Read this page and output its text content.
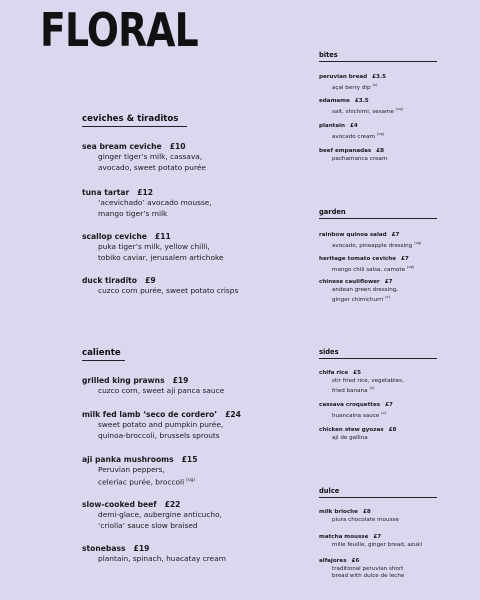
FLORAL
ceviches & tiraditos
sea bream ceviche £10
ginger tiger’s milk, cassava,
avocado, sweet potato purée
tuna tartar £12
‘acevichado’ avocado mousse,
mango tiger’s milk
scallop ceviche £11
puka tiger’s milk, yellow chilli,
tobiko caviar, jerusalem artichoke
duck tiradito £9
cuzco corn purée, sweet potato crisps
caliente
grilled king prawns £19
cuzco corn, sweet aji panca sauce
milk fed lamb ‘seco de cordero’ £24
sweet potato and pumpkin purée,
quinoa-broccoli, brussels sprouts
aji panka mushrooms £15
Peruvian peppers,
celeriac purée, broccoli $^{(vg)}$
slow-cooked beef £22
demi-glace, aubergine anticucho,
‘criolla’ sauce slow braised
stonebass £19
plantain, spinach, huacatay cream
bites
peruvian bread £3.5
açai berry dip $^{(v)}$
edamame £3.5
salt, shichimi, sesame $^{(vg)}$
plantain £4
avocado cream $^{(vg)}$
beef empanadas £8
pachamanca cream
garden
rainbow quinoa salad £7
avocado, pineapple dressing $^{(vg)}$
heritage tomato ceviche £7
mango chili salsa, camote $^{(vg)}$
chinese cauliflower £7
andean green dressing,
ginger chimichurri $^{(v)}$
sides
chifa rice £5
stir fried rice, vegetables,
fried banana $^{(v)}$
cassava croquettes £7
huancaina sauce $^{(v)}$
chicken stew gyozas £8
aji de gallina
dulce
milk brioche £8
piura chocolate mousse
matcha mousse £7
mille feuille, ginger bread, azuki
alfajores £6
traditional peruvian short
bread with dulce de leche
